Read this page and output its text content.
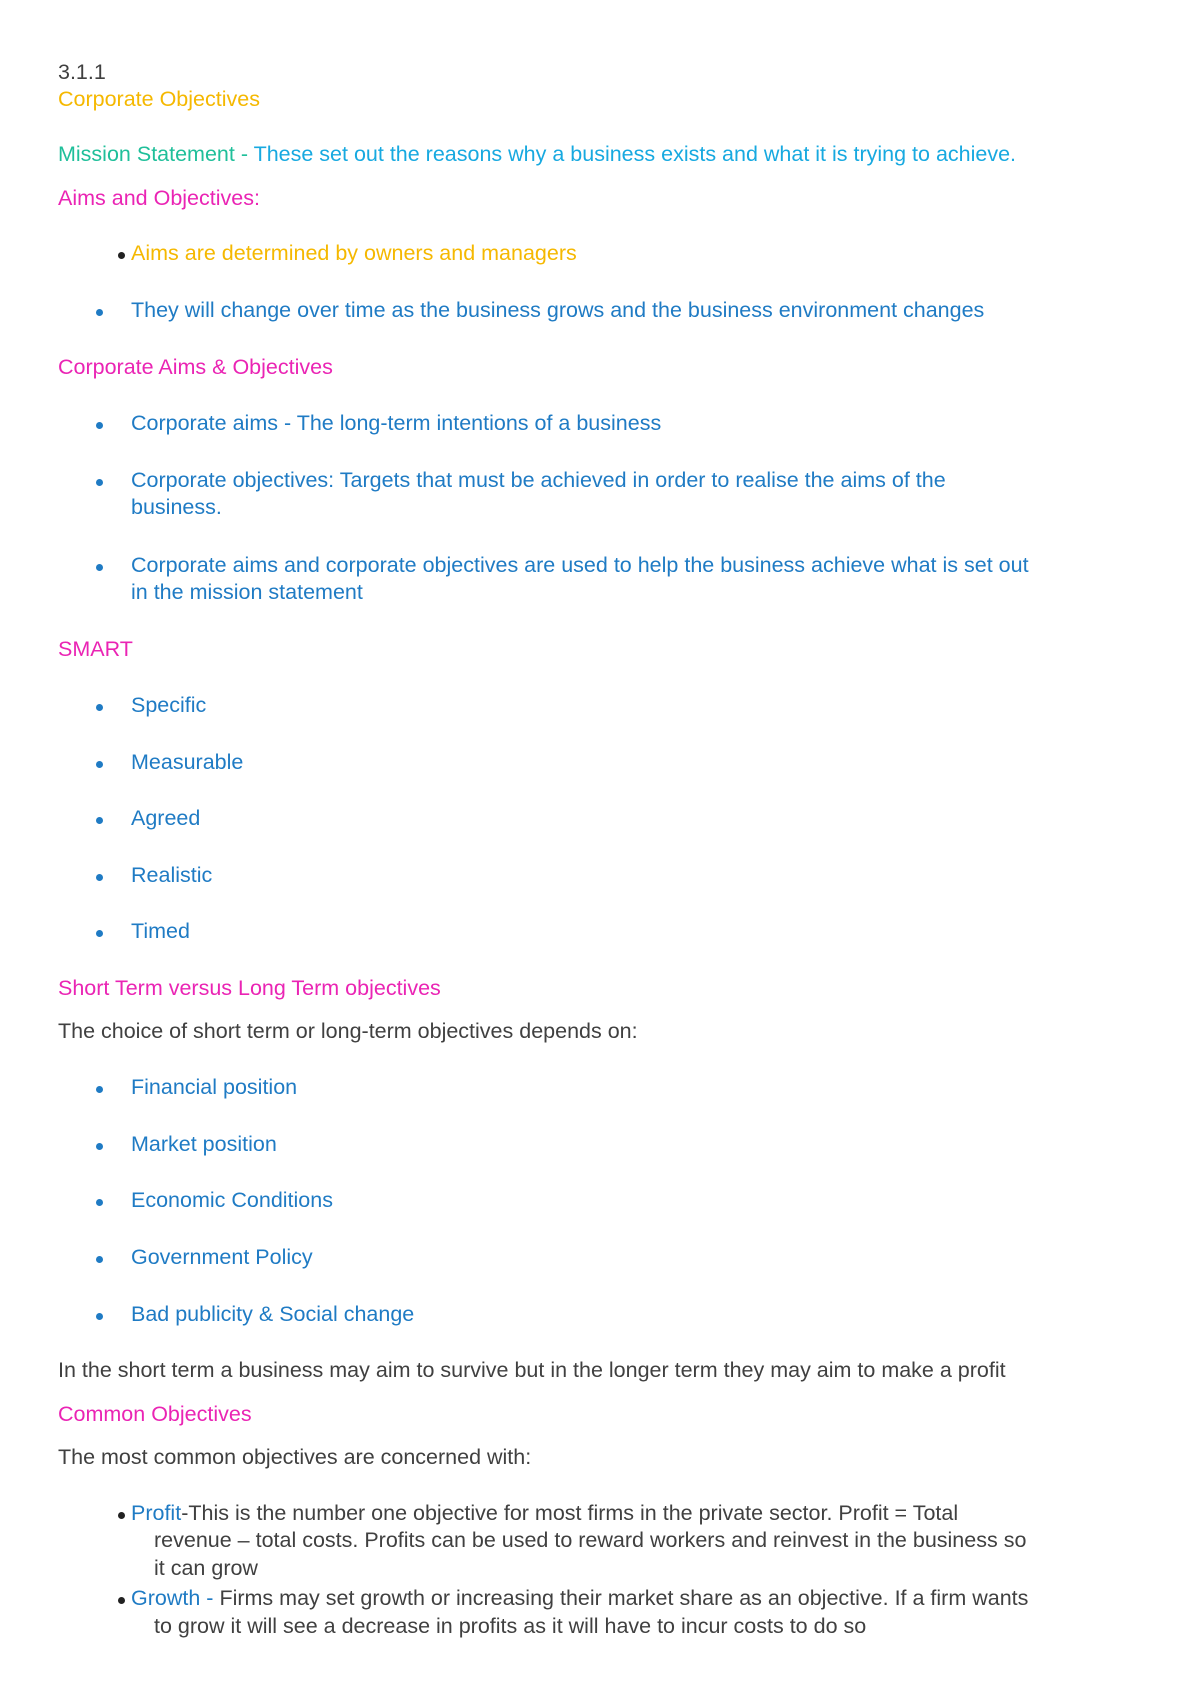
3.1.1
Corporate Objectives
Mission Statement - These set out the reasons why a business exists and what it is trying to achieve.
Aims and Objectives:
Aims are determined by owners and managers
They will change over time as the business grows and the business environment changes
Corporate Aims & Objectives
Corporate aims - The long-term intentions of a business
Corporate objectives: Targets that must be achieved in order to realise the aims of the
business.
Corporate aims and corporate objectives are used to help the business achieve what is set out
in the mission statement
SMART
Specific
Measurable
Agreed
Realistic
Timed
Short Term versus Long Term objectives
The choice of short term or long-term objectives depends on:
Financial position
Market position
Economic Conditions
Government Policy
Bad publicity & Social change
In the short term a business may aim to survive but in the longer term they may aim to make a profit
Common Objectives
The most common objectives are concerned with:
Profit-This is the number one objective for most firms in the private sector. Profit = Total
revenue – total costs. Profits can be used to reward workers and reinvest in the business so
it can grow
Growth - Firms may set growth or increasing their market share as an objective. If a firm wants
to grow it will see a decrease in profits as it will have to incur costs to do so
